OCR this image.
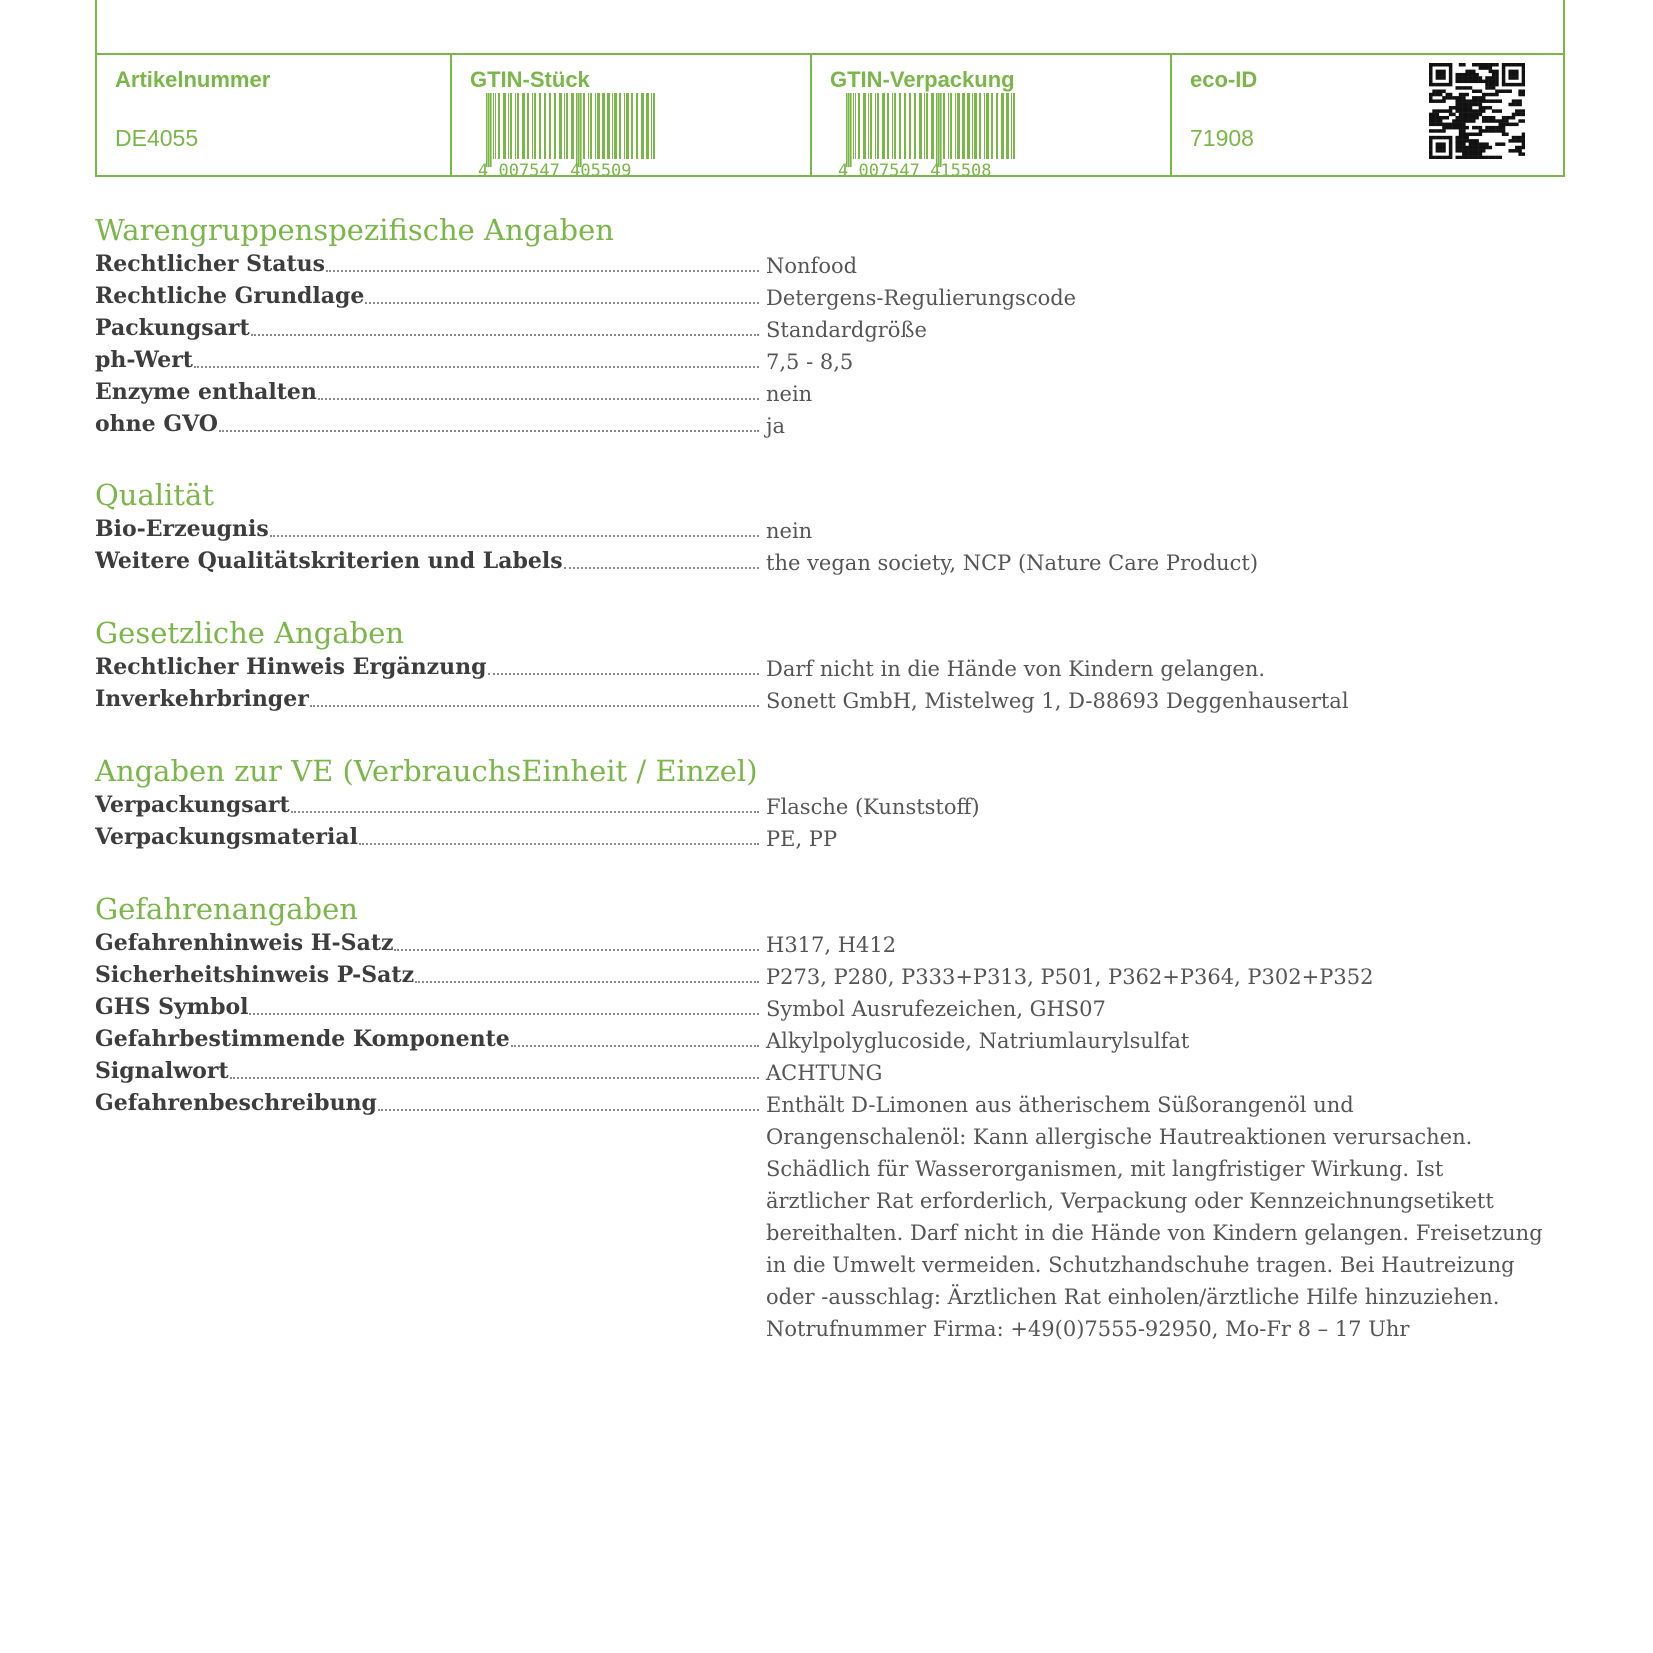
Artikelnummer
DE4055
GTIN-Stück
4 007547 405509
GTIN-Verpackung
4 007547 415508
eco-ID
71908
Warengruppenspezifische Angaben
Rechtlicher Status	Nonfood
Rechtliche Grundlage	Detergens-Regulierungscode
Packungsart	Standardgröße
ph-Wert	7,5 - 8,5
Enzyme enthalten	nein
ohne GVO	ja
Qualität
Bio-Erzeugnis	nein
Weitere Qualitätskriterien und Labels	the vegan society, NCP (Nature Care Product)
Gesetzliche Angaben
Rechtlicher Hinweis Ergänzung	Darf nicht in die Hände von Kindern gelangen.
Inverkehrbringer	Sonett GmbH, Mistelweg 1, D-88693 Deggenhausertal
Angaben zur VE (VerbrauchsEinheit / Einzel)
Verpackungsart	Flasche (Kunststoff)
Verpackungsmaterial	PE, PP
Gefahrenangaben
Gefahrenhinweis H-Satz	H317, H412
Sicherheitshinweis P-Satz	P273, P280, P333+P313, P501, P362+P364, P302+P352
GHS Symbol	Symbol Ausrufezeichen, GHS07
Gefahrbestimmende Komponente	Alkylpolyglucoside, Natriumlaurylsulfat
Signalwort	ACHTUNG
Gefahrenbeschreibung	Enthält D-Limonen aus ätherischem Süßorangenöl und Orangenschalenöl: Kann allergische Hautreaktionen verursachen. Schädlich für Wasserorganismen, mit langfristiger Wirkung. Ist ärztlicher Rat erforderlich, Verpackung oder Kennzeichnungsetikett bereithalten. Darf nicht in die Hände von Kindern gelangen. Freisetzung in die Umwelt vermeiden. Schutzhandschuhe tragen. Bei Hautreizung oder -ausschlag: Ärztlichen Rat einholen/ärztliche Hilfe hinzuziehen. Notrufnummer Firma: +49(0)7555-92950, Mo-Fr 8 – 17 Uhr
